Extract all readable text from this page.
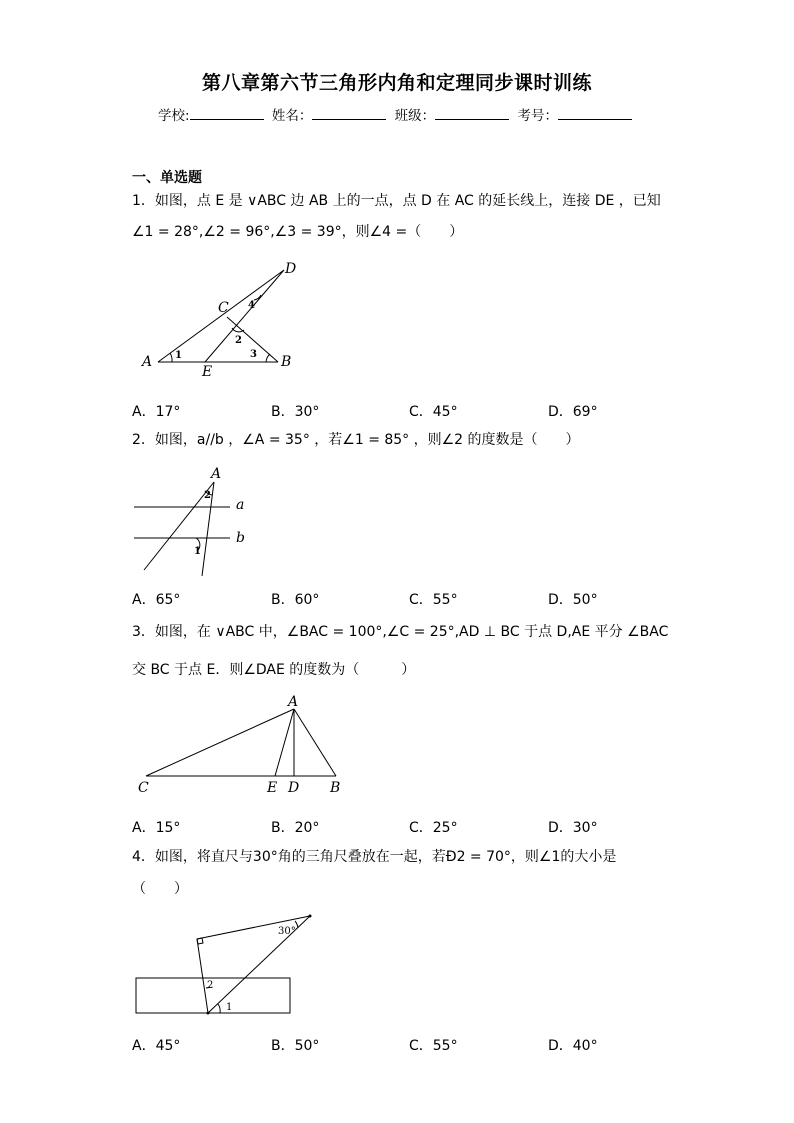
第八章第六节三角形内角和定理同步课时训练
学校:	姓名：	班级：	考号：
一、单选题
1．如图，点 E 是 ∨ABC 边 AB 上的一点，点 D 在 AC 的延长线上，连接 DE ，已知
∠1 = 28°,∠2 = 96°,∠3 = 39°，则∠4 =（　　）
A	B
C
D
E
1
2
3
4
A．17°	B．30°	C．45°	D．69°
2．如图，a//b ，∠A = 35° ，若∠1 = 85° ，则∠2 的度数是（　　）
A
a
b
1
2
A．65°	B．60°	C．55°	D．50°
3．如图，在 ∨ABC 中，∠BAC = 100°,∠C = 25°,AD ⊥ BC 于点 D,AE 平分 ∠BAC
交 BC 于点 E．则∠DAE 的度数为（　　　）
A
C	E D B
A．15°	B．20°	C．25°	D．30°
4．如图，将直尺与30°角的三角尺叠放在一起，若Ð2 = 70°，则∠1的大小是
（　　）
30°
2
1
A．45°	B．50°	C．55°	D．40°
